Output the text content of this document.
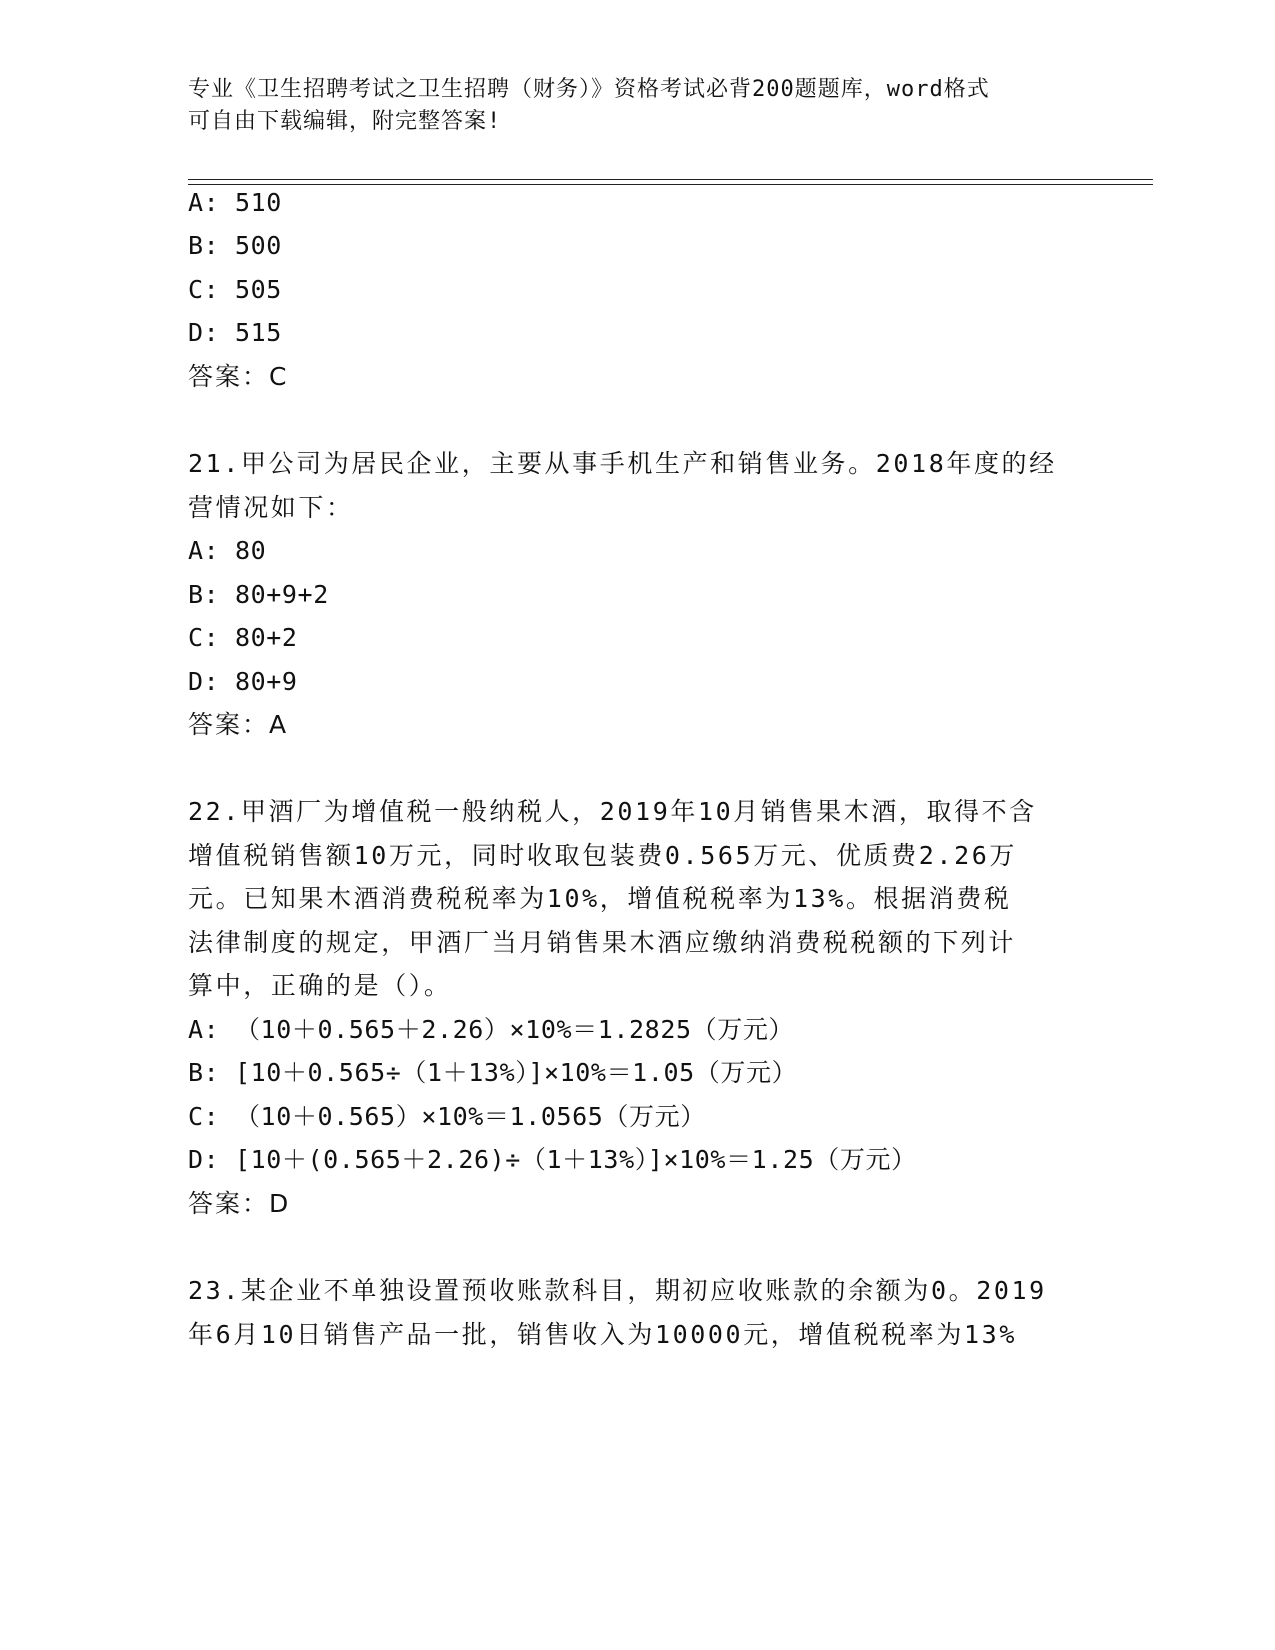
专业《卫生招聘考试之卫生招聘（财务）》资格考试必背200题题库，word格式
可自由下载编辑，附完整答案!
A: 510
B: 500
C: 505
D: 515
答案：C
21.甲公司为居民企业，主要从事手机生产和销售业务。2018年度的经
营情况如下：
A: 80
B: 80+9+2
C: 80+2
D: 80+9
答案：A
22.甲酒厂为增值税一般纳税人，2019年10月销售果木酒，取得不含
增值税销售额10万元，同时收取包装费0.565万元、优质费2.26万
元。已知果木酒消费税税率为10%，增值税税率为13%。根据消费税
法律制度的规定，甲酒厂当月销售果木酒应缴纳消费税税额的下列计
算中，正确的是（）。
A: （10＋0.565＋2.26）×10%＝1.2825（万元）
B: [10＋0.565÷（1＋13%）]×10%＝1.05（万元）
C: （10＋0.565）×10%＝1.0565（万元）
D: [10＋(0.565＋2.26)÷（1＋13%）]×10%＝1.25（万元）
答案：D
23.某企业不单独设置预收账款科目，期初应收账款的余额为0。2019
年6月10日销售产品一批，销售收入为10000元，增值税税率为13%
